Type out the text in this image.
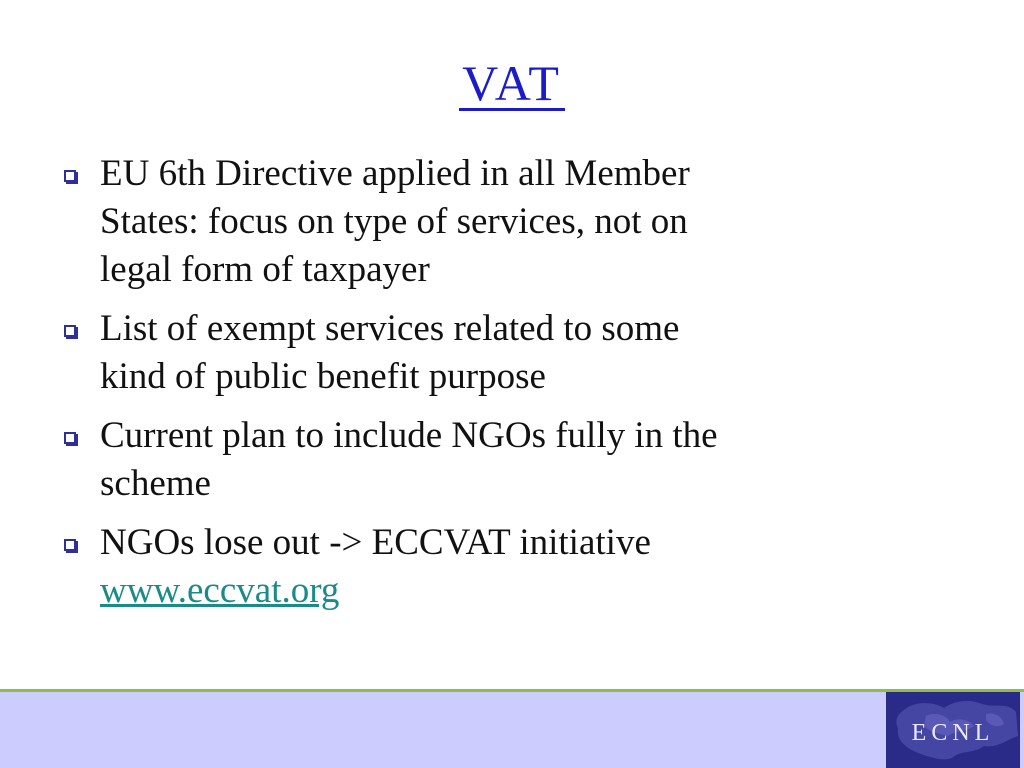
VAT
EU 6th Directive applied in all Member
States: focus on type of services, not on
legal form of taxpayer
List of exempt services related to some
kind of public benefit purpose
Current plan to include NGOs fully in the
scheme
NGOs lose out -> ECCVAT initiative
www.eccvat.org
ECNL
